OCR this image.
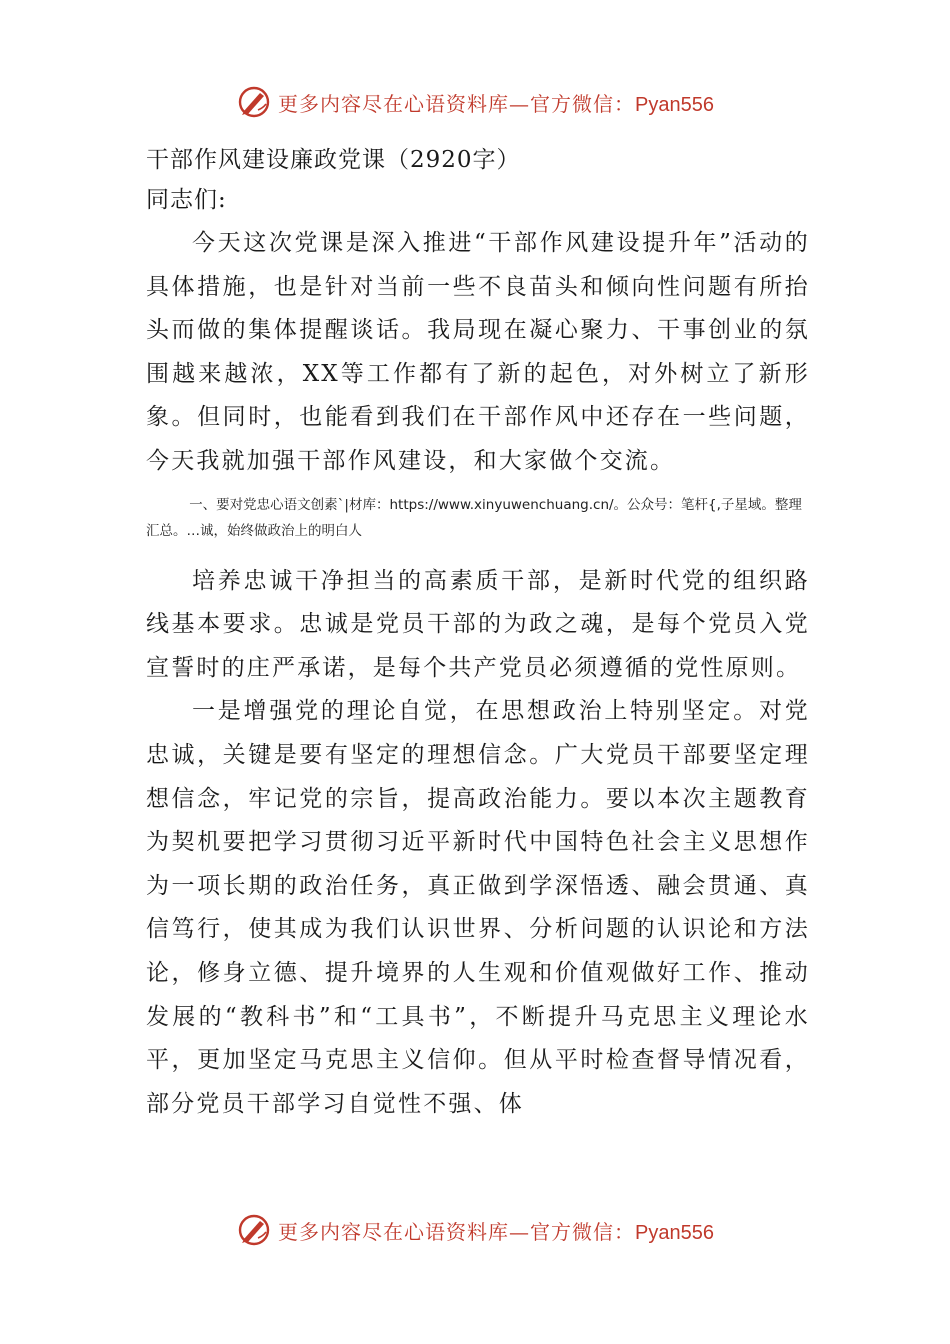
更多内容尽在心语资料库—官方微信：Pyan556

干部作风建设廉政党课（2920字）

同志们:

今天这次党课是深入推进“干部作风建设提升年”活动的具体措施，也是针对当前一些不良苗头和倾向性问题有所抬头而做的集体提醒谈话。我局现在凝心聚力、干事创业的氛围越来越浓，XX等工作都有了新的起色，对外树立了新形象。但同时，也能看到我们在干部作风中还存在一些问题，今天我就加强干部作风建设，和大家做个交流。

一、要对党忠心语文创素`|材库：https://www.xinyuwenchuang.cn/。公众号：笔杆{,子星域。整理汇总。…诚，始终做政治上的明白人

培养忠诚干净担当的高素质干部，是新时代党的组织路线基本要求。忠诚是党员干部的为政之魂，是每个党员入党宣誓时的庄严承诺，是每个共产党员必须遵循的党性原则。

一是增强党的理论自觉，在思想政治上特别坚定。对党忠诚，关键是要有坚定的理想信念。广大党员干部要坚定理想信念，牢记党的宗旨，提高政治能力。要以本次主题教育为契机要把学习贯彻习近平新时代中国特色社会主义思想作为一项长期的政治任务，真正做到学深悟透、融会贯通、真信笃行，使其成为我们认识世界、分析问题的认识论和方法论，修身立德、提升境界的人生观和价值观做好工作、推动发展的“教科书”和“工具书”，不断提升马克思主义理论水平，更加坚定马克思主义信仰。但从平时检查督导情况看，部分党员干部学习自觉性不强、体

更多内容尽在心语资料库—官方微信：Pyan556
